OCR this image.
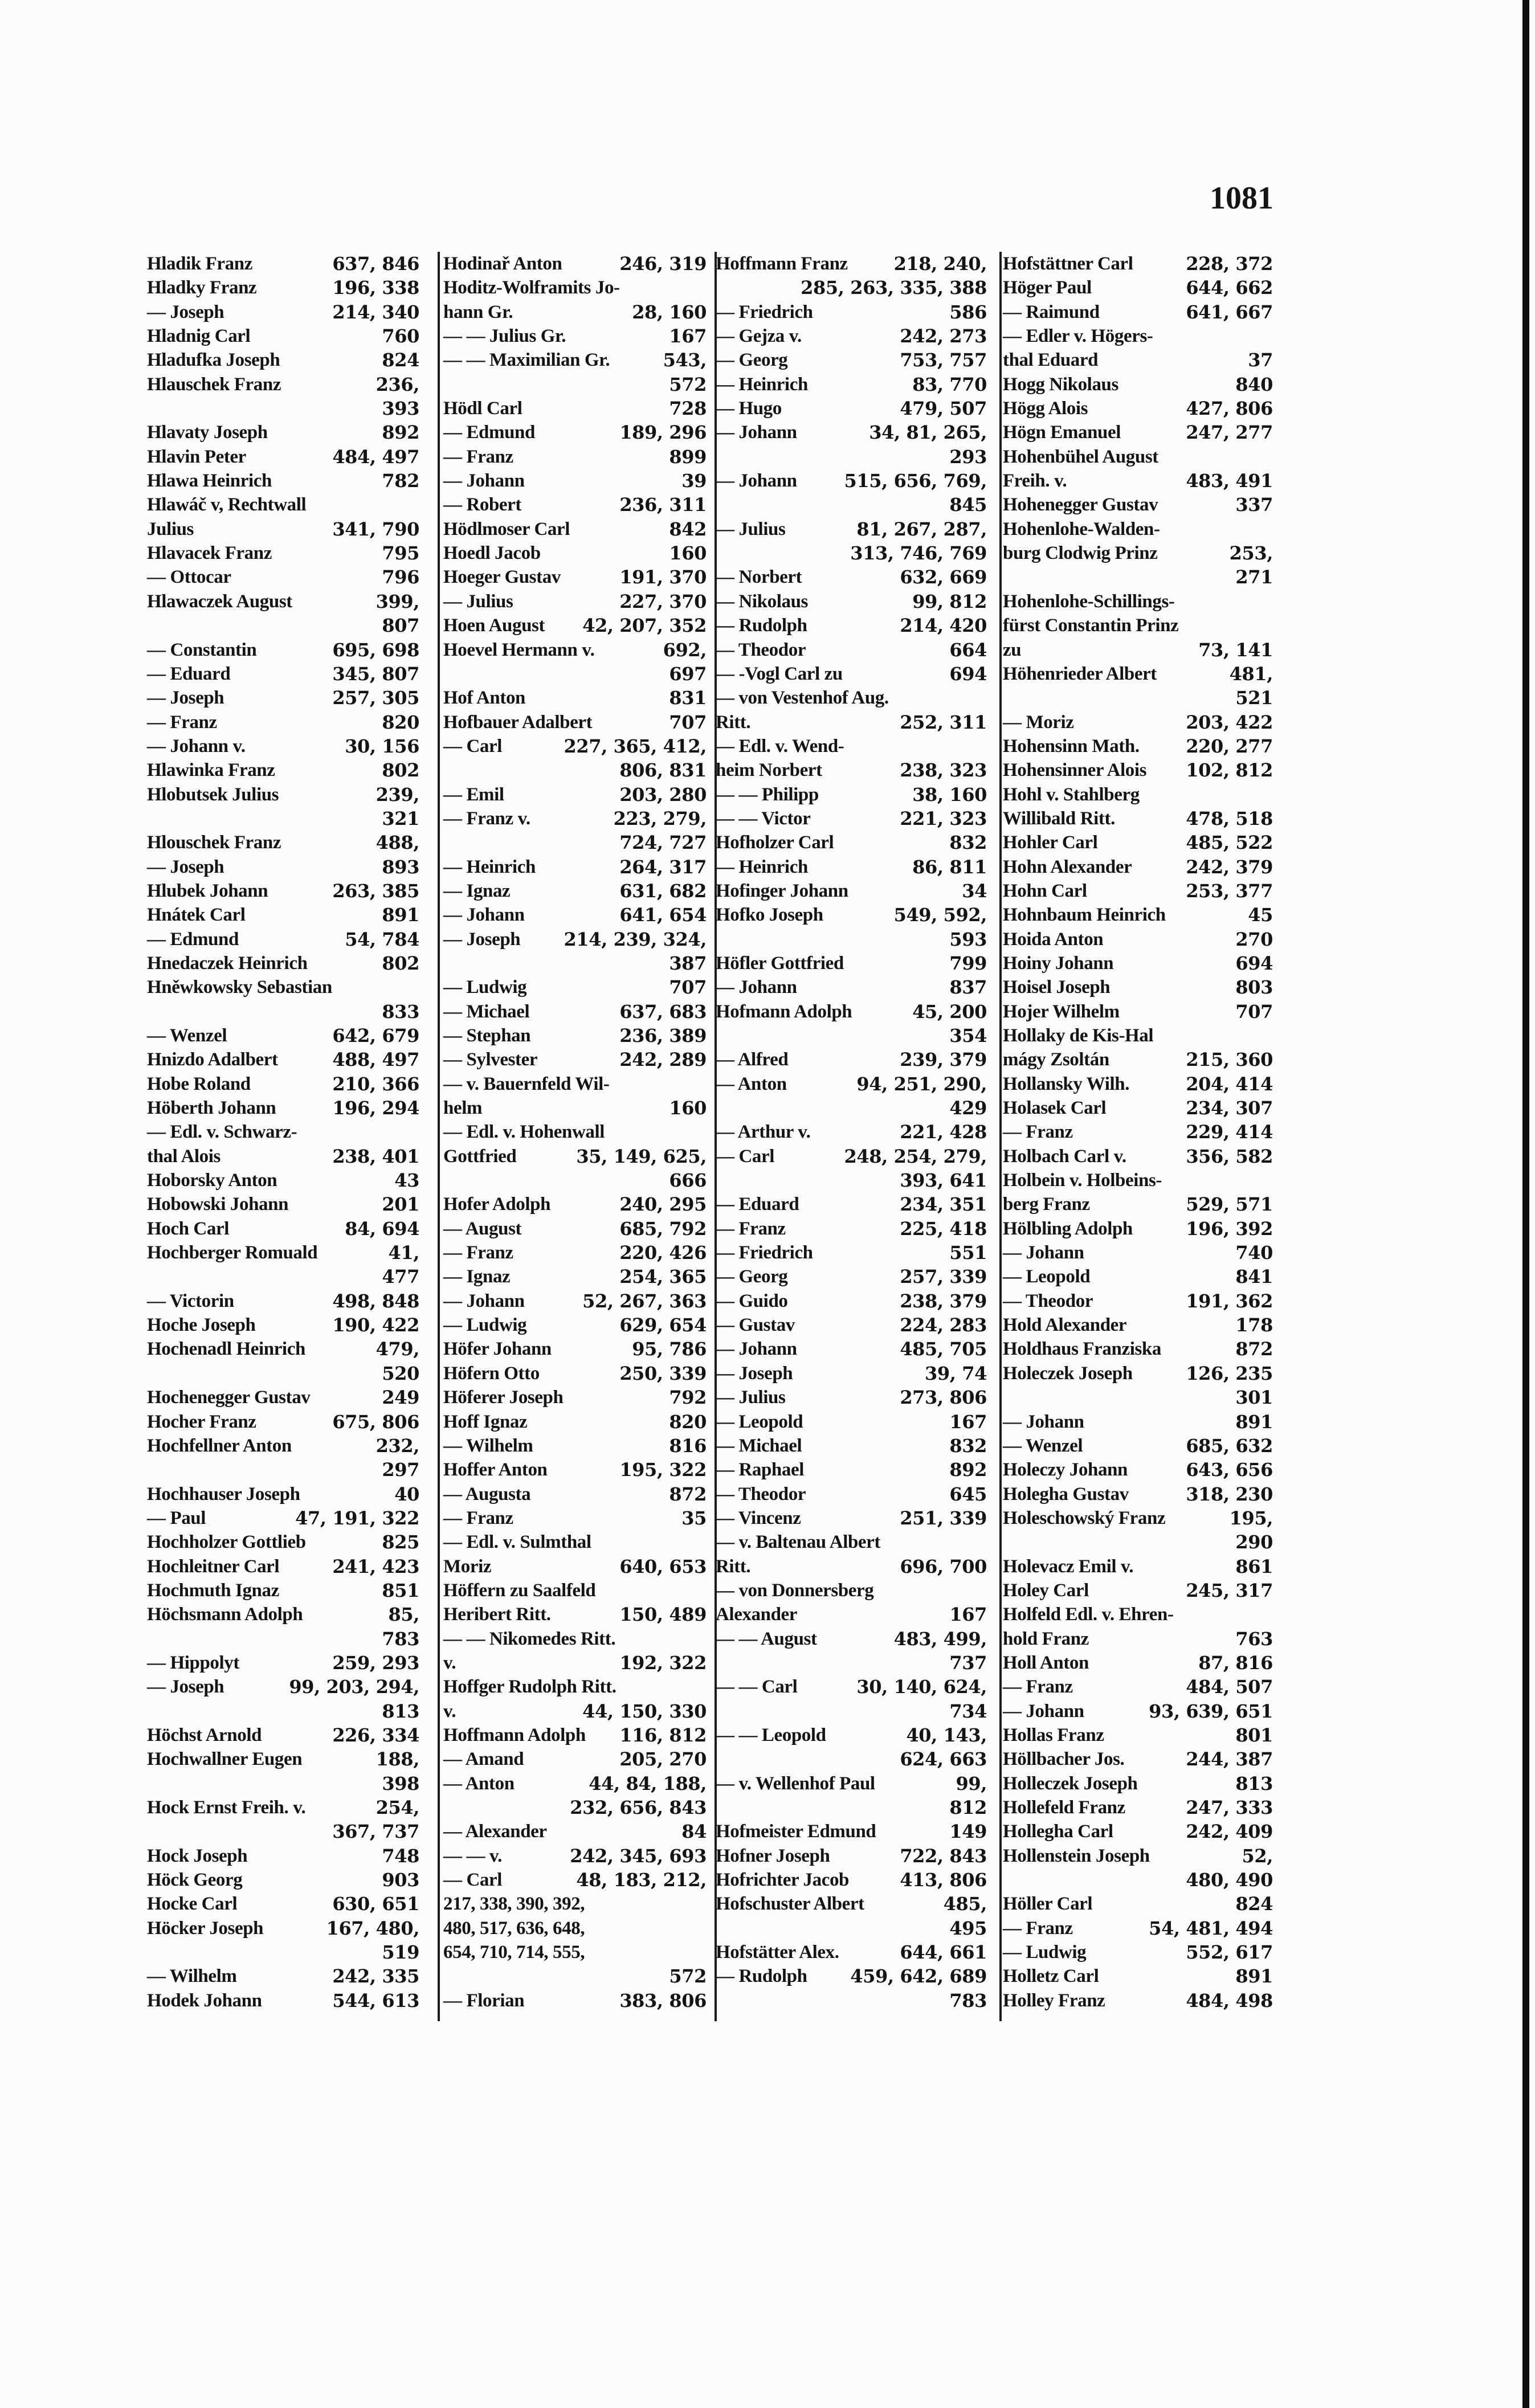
1081
Hladik Franz	637, 846
Hladky Franz	196, 338
— Joseph	214, 340
Hladnig Carl	760
Hladufka Joseph	824
Hlauschek Franz	236,
393
Hlavaty Joseph	892
Hlavin Peter	484, 497
Hlawa Heinrich	782
Hlawáč v, Rechtwall
Julius	341, 790
Hlavacek Franz	795
— Ottocar	796
Hlawaczek August	399,
807
— Constantin	695, 698
— Eduard	345, 807
— Joseph	257, 305
— Franz	820
— Johann v.	30, 156
Hlawinka Franz	802
Hlobutsek Julius	239,
321
Hlouschek Franz	488,
— Joseph	893
Hlubek Johann	263, 385
Hnátek Carl	891
— Edmund	54, 784
Hnedaczek Heinrich	802
Hněwkowsky Sebastian
833
— Wenzel	642, 679
Hnizdo Adalbert	488, 497
Hobe Roland	210, 366
Höberth Johann	196, 294
— Edl. v. Schwarz-
thal Alois	238, 401
Hoborsky Anton	43
Hobowski Johann	201
Hoch Carl	84, 694
Hochberger Romuald	41,
477
— Victorin	498, 848
Hoche Joseph	190, 422
Hochenadl Heinrich	479,
520
Hochenegger Gustav	249
Hocher Franz	675, 806
Hochfellner Anton	232,
297
Hochhauser Joseph	40
— Paul	47, 191, 322
Hochholzer Gottlieb	825
Hochleitner Carl	241, 423
Hochmuth Ignaz	851
Höchsmann Adolph	85,
783
— Hippolyt	259, 293
— Joseph	99, 203, 294,
813
Höchst Arnold	226, 334
Hochwallner Eugen	188,
398
Hock Ernst Freih. v.	254,
367, 737
Hock Joseph	748
Höck Georg	903
Hocke Carl	630, 651
Höcker Joseph	167, 480,
519
— Wilhelm	242, 335
Hodek Johann	544, 613
Hodinař Anton	246, 319
Hoditz-Wolframits Jo-
hann Gr.	28, 160
— — Julius Gr.	167
— — Maximilian Gr.	543,
572
Hödl Carl	728
— Edmund	189, 296
— Franz	899
— Johann	39
— Robert	236, 311
Hödlmoser Carl	842
Hoedl Jacob	160
Hoeger Gustav	191, 370
— Julius	227, 370
Hoen August 42, 207, 352
Hoevel Hermann v.	692,
697
Hof Anton	831
Hofbauer Adalbert	707
— Carl	227, 365, 412,
806, 831
— Emil	203, 280
— Franz v.	223, 279,
724, 727
— Heinrich	264, 317
— Ignaz	631, 682
— Johann	641, 654
— Joseph 214, 239, 324,
387
— Ludwig	707
— Michael	637, 683
— Stephan	236, 389
— Sylvester	242, 289
— v. Bauernfeld Wil-
helm	160
— Edl. v. Hohenwall
Gottfried	35, 149, 625,
666
Hofer Adolph	240, 295
— August	685, 792
— Franz	220, 426
— Ignaz	254, 365
— Johann	52, 267, 363
— Ludwig	629, 654
Höfer Johann	95, 786
Höfern Otto	250, 339
Höferer Joseph	792
Hoff Ignaz	820
— Wilhelm	816
Hoffer Anton	195, 322
— Augusta	872
— Franz	35
— Edl. v. Sulmthal
Moriz	640, 653
Höffern zu Saalfeld
Heribert Ritt.	150, 489
— — Nikomedes Ritt.
v.	192, 322
Hoffger Rudolph Ritt.
v.	44, 150, 330
Hoffmann Adolph 116, 812
— Amand	205, 270
— Anton	44, 84, 188,
232, 656, 843
— Alexander	84
— — v.	242, 345, 693
— Carl	48, 183, 212,
217, 338, 390, 392,
480, 517, 636, 648,
654, 710, 714, 555,
572
— Florian	383, 806
Hoffmann Franz	218, 240,
285, 263, 335, 388
— Friedrich	586
— Gejza v.	242, 273
— Georg	753, 757
— Heinrich	83, 770
— Hugo	479, 507
— Johann	34, 81, 265,
293
— Johann	515, 656, 769,
845
— Julius	81, 267, 287,
313, 746, 769
— Norbert	632, 669
— Nikolaus	99, 812
— Rudolph	214, 420
— Theodor	664
— -Vogl Carl zu	694
— von Vestenhof Aug.
Ritt.	252, 311
— Edl. v. Wend-
heim Norbert	238, 323
— — Philipp	38, 160
— — Victor	221, 323
Hofholzer Carl	832
— Heinrich	86, 811
Hofinger Johann	34
Hofko Joseph	549, 592,
593
Höfler Gottfried	799
— Johann	837
Hofmann Adolph	45, 200
354
— Alfred	239, 379
— Anton	94, 251, 290,
429
— Arthur v.	221, 428
— Carl	248, 254, 279,
393, 641
— Eduard	234, 351
— Franz	225, 418
— Friedrich	551
— Georg	257, 339
— Guido	238, 379
— Gustav	224, 283
— Johann	485, 705
— Joseph	39, 74
— Julius	273, 806
— Leopold	167
— Michael	832
— Raphael	892
— Theodor	645
— Vincenz	251, 339
— v. Baltenau Albert
Ritt.	696, 700
— von Donnersberg
Alexander	167
— — August	483, 499,
737
— — Carl	30, 140, 624,
734
— — Leopold	40, 143,
624, 663
— v. Wellenhof Paul	99,
812
Hofmeister Edmund	149
Hofner Joseph	722, 843
Hofrichter Jacob	413, 806
Hofschuster Albert	485,
495
Hofstätter Alex.	644, 661
— Rudolph 459, 642, 689
783
Hofstättner Carl	228, 372
Höger Paul	644, 662
— Raimund	641, 667
— Edler v. Högers-
thal Eduard	37
Hogg Nikolaus	840
Högg Alois	427, 806
Högn Emanuel	247, 277
Hohenbühel August
Freih. v.	483, 491
Hohenegger Gustav	337
Hohenlohe-Walden-
burg Clodwig Prinz	253,
271
Hohenlohe-Schillings-
fürst Constantin Prinz
zu	73, 141
Höhenrieder Albert	481,
521
— Moriz	203, 422
Hohensinn Math.	220, 277
Hohensinner Alois 102, 812
Hohl v. Stahlberg
Willibald Ritt.	478, 518
Hohler Carl	485, 522
Hohn Alexander	242, 379
Hohn Carl	253, 377
Hohnbaum Heinrich	45
Hoida Anton	270
Hoiny Johann	694
Hoisel Joseph	803
Hojer Wilhelm	707
Hollaky de Kis-Hal
mágy Zsoltán	215, 360
Hollansky Wilh.	204, 414
Holasek Carl	234, 307
— Franz	229, 414
Holbach Carl v.	356, 582
Holbein v. Holbeins-
berg Franz	529, 571
Hölbling Adolph	196, 392
— Johann	740
— Leopold	841
— Theodor	191, 362
Hold Alexander	178
Holdhaus Franziska	872
Holeczek Joseph	126, 235
301
— Johann	891
— Wenzel	685, 632
Holeczy Johann	643, 656
Holegha Gustav	318, 230
Holeschowský Franz	195,
290
Holevacz Emil v.	861
Holey Carl	245, 317
Holfeld Edl. v. Ehren-
hold Franz	763
Holl Anton	87, 816
— Franz	484, 507
— Johann	93, 639, 651
Hollas Franz	801
Höllbacher Jos.	244, 387
Holleczek Joseph	813
Hollefeld Franz	247, 333
Hollegha Carl	242, 409
Hollenstein Joseph	52,
480, 490
Höller Carl	824
— Franz	54, 481, 494
— Ludwig	552, 617
Holletz Carl	891
Holley Franz	484, 498
